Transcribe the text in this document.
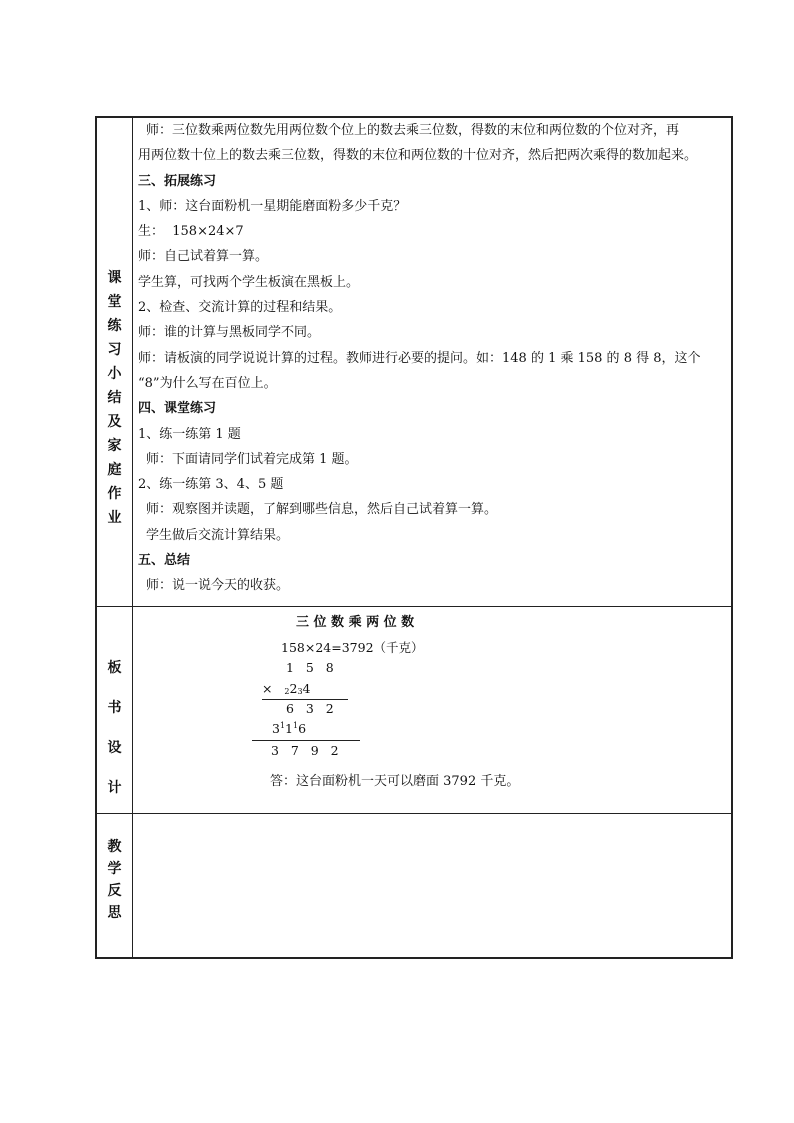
课
堂
练
习
小
结
及
家
庭
作
业
板
书
设
计
教
学
反
思
师：三位数乘两位数先用两位数个位上的数去乘三位数，得数的末位和两位数的个位对齐，再
用两位数十位上的数去乘三位数，得数的末位和两位数的十位对齐，然后把两次乘得的数加起来。
三、拓展练习
1、师：这台面粉机一星期能磨面粉多少千克？
生：  158×24×7
师：自己试着算一算。
学生算，可找两个学生板演在黑板上。
2、检查、交流计算的过程和结果。
师：谁的计算与黑板同学不同。
师：请板演的同学说说计算的过程。教师进行必要的提问。如：148 的 1 乘 158 的 8 得 8，这个
“8”为什么写在百位上。
四、课堂练习
1、练一练第 1 题
师：下面请同学们试着完成第 1 题。
2、练一练第 3、4、5 题
师：观察图并读题，了解到哪些信息，然后自己试着算一算。
学生做后交流计算结果。
五、总结
师：说一说今天的收获。
三 位 数 乘 两 位 数
158×24=3792（千克）
1   5   8
× 2234
6   3   2
$3^11^16$
3   7   9   2
答：这台面粉机一天可以磨面 3792 千克。
